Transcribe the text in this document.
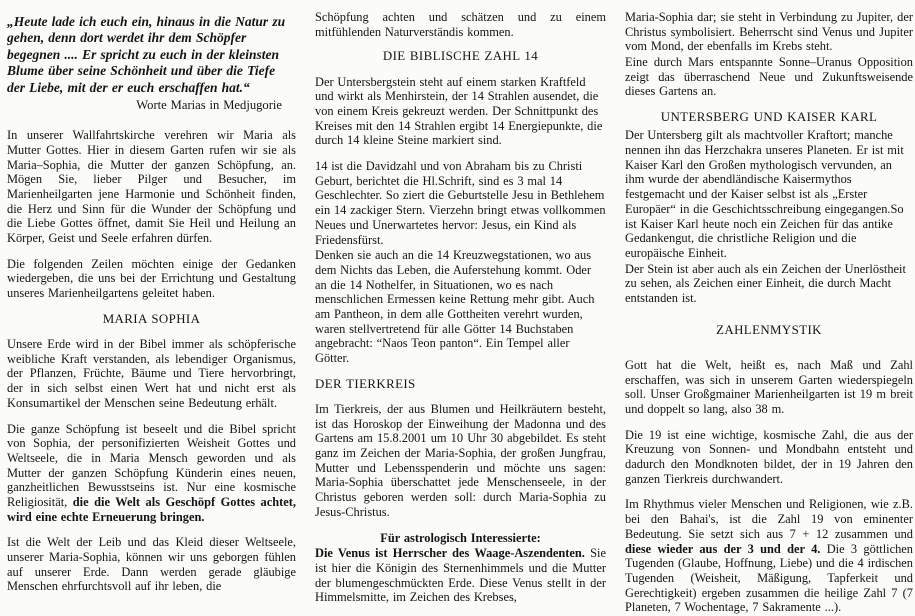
„Heute lade ich euch ein, hinaus in die Natur zu gehen, denn dort werdet ihr dem Schöpfer begegnen .... Er spricht zu euch in der kleinsten Blume über seine Schönheit und über die Tiefe der Liebe, mit der er euch erschaffen hat.“

Worte Marias in Medjugorie

In unserer Wallfahrtskirche verehren wir Maria als Mutter Gottes. Hier in diesem Garten rufen wir sie als Maria–Sophia, die Mutter der ganzen Schöpfung, an. Mögen Sie, lieber Pilger und Besucher, im Marienheilgarten jene Harmonie und Schönheit finden, die Herz und Sinn für die Wunder der Schöpfung und die Liebe Gottes öffnet, damit Sie Heil und Heilung an Körper, Geist und Seele erfahren dürfen.

Die folgenden Zeilen möchten einige der Gedanken wiedergeben, die uns bei der Errichtung und Gestaltung unseres Marienheilgartens geleitet haben.

MARIA SOPHIA

Unsere Erde wird in der Bibel immer als schöpferische weibliche Kraft verstanden, als lebendiger Organismus, der Pflanzen, Früchte, Bäume und Tiere hervorbringt, der in sich selbst einen Wert hat und nicht erst als Konsumartikel der Menschen seine Bedeutung erhält.

Die ganze Schöpfung ist beseelt und die Bibel spricht von Sophia, der personifizierten Weisheit Gottes und Weltseele, die in Maria Mensch geworden und als Mutter der ganzen Schöpfung Künderin eines neuen, ganzheitlichen Bewusstseins ist. Nur eine kosmische Religiosität, die die Welt als Geschöpf Gottes achtet, wird eine echte Erneuerung bringen.

Ist die Welt der Leib und das Kleid dieser Weltseele, unserer Maria-Sophia, können wir uns geborgen fühlen auf unserer Erde. Dann werden gerade gläubige Menschen ehrfurchtsvoll auf ihr leben, die

Schöpfung achten und schätzen und zu einem mitfühlenden Naturverständis kommen.

DIE BIBLISCHE ZAHL 14

Der Untersbergstein steht auf einem starken Kraftfeld und wirkt als Menhirstein, der 14 Strahlen ausendet, die von einem Kreis gekreuzt werden. Der Schnittpunkt des Kreises mit den 14 Strahlen ergibt 14 Energiepunkte, die durch 14 kleine Steine markiert sind.

14 ist die Davidzahl und von Abraham bis zu Christi Geburt, berichtet die Hl.Schrift, sind es 3 mal 14 Geschlechter. So ziert die Geburtstelle Jesu in Bethlehem ein 14 zackiger Stern. Vierzehn bringt etwas vollkommen Neues und Unerwartetes hervor: Jesus, ein Kind als Friedensfürst.

Denken sie auch an die 14 Kreuzwegstationen, wo aus dem Nichts das Leben, die Auferstehung kommt. Oder an die 14 Nothelfer, in Situationen, wo es nach menschlichen Ermessen keine Rettung mehr gibt. Auch am Pantheon, in dem alle Gottheiten verehrt wurden, waren stellvertretend für alle Götter 14 Buchstaben angebracht: “Naos Teon panton“. Ein Tempel aller Götter.

DER TIERKREIS

Im Tierkreis, der aus Blumen und Heilkräutern besteht, ist das Horoskop der Einweihung der Madonna und des Gartens am 15.8.2001 um 10 Uhr 30 abgebildet. Es steht ganz im Zeichen der Maria-Sophia, der großen Jungfrau, Mutter und Lebensspenderin und möchte uns sagen: Maria-Sophia überschattet jede Menschenseele, in der Christus geboren werden soll: durch Maria-Sophia zu Jesus-Christus.

Für astrologisch Interessierte:

Die Venus ist Herrscher des Waage-Aszendenten. Sie ist hier die Königin des Sternenhimmels und die Mutter der blumengeschmückten Erde. Diese Venus stellt in der Himmelsmitte, im Zeichen des Krebses,

Maria-Sophia dar; sie steht in Verbindung zu Jupiter, der Christus symbolisiert. Beherrscht sind Venus und Jupiter vom Mond, der ebenfalls im Krebs steht.

Eine durch Mars entspannte Sonne–Uranus Opposition zeigt das überraschend Neue und Zukunftsweisende dieses Gartens an.

UNTERSBERG UND KAISER KARL

Der Untersberg gilt als machtvoller Kraftort; manche nennen ihn das Herzchakra unseres Planeten. Er ist mit Kaiser Karl den Großen mythologisch vervunden, an ihm wurde der abendländische Kaisermythos festgemacht und der Kaiser selbst ist als „Erster Europäer“ in die Geschichtsschreibung eingegangen.So ist Kaiser Karl heute noch ein Zeichen für das antike Gedankengut, die christliche Religion und die europäische Einheit.

Der Stein ist aber auch als ein Zeichen der Unerlöstheit zu sehen, als Zeichen einer Einheit, die durch Macht entstanden ist.

ZAHLENMYSTIK

Gott hat die Welt, heißt es, nach Maß und Zahl erschaffen, was sich in unserem Garten wiederspiegeln soll. Unser Großgmainer Marienheilgarten ist 19 m breit und doppelt so lang, also 38 m.

Die 19 ist eine wichtige, kosmische Zahl, die aus der Kreuzung von Sonnen- und Mondbahn entsteht und dadurch den Mondknoten bildet, der in 19 Jahren den ganzen Tierkreis durchwandert.

Im Rhythmus vieler Menschen und Religionen, wie z.B. bei den Bahai's, ist die Zahl 19 von eminenter Bedeutung. Sie setzt sich aus 7 + 12 zusammen und diese wieder aus der 3 und der 4. Die 3 göttlichen Tugenden (Glaube, Hoffnung, Liebe) und die 4 irdischen Tugenden (Weisheit, Mäßigung, Tapferkeit und Gerechtigkeit) ergeben zusammen die heilige Zahl 7 (7 Planeten, 7 Wochentage, 7 Sakramente ...).
